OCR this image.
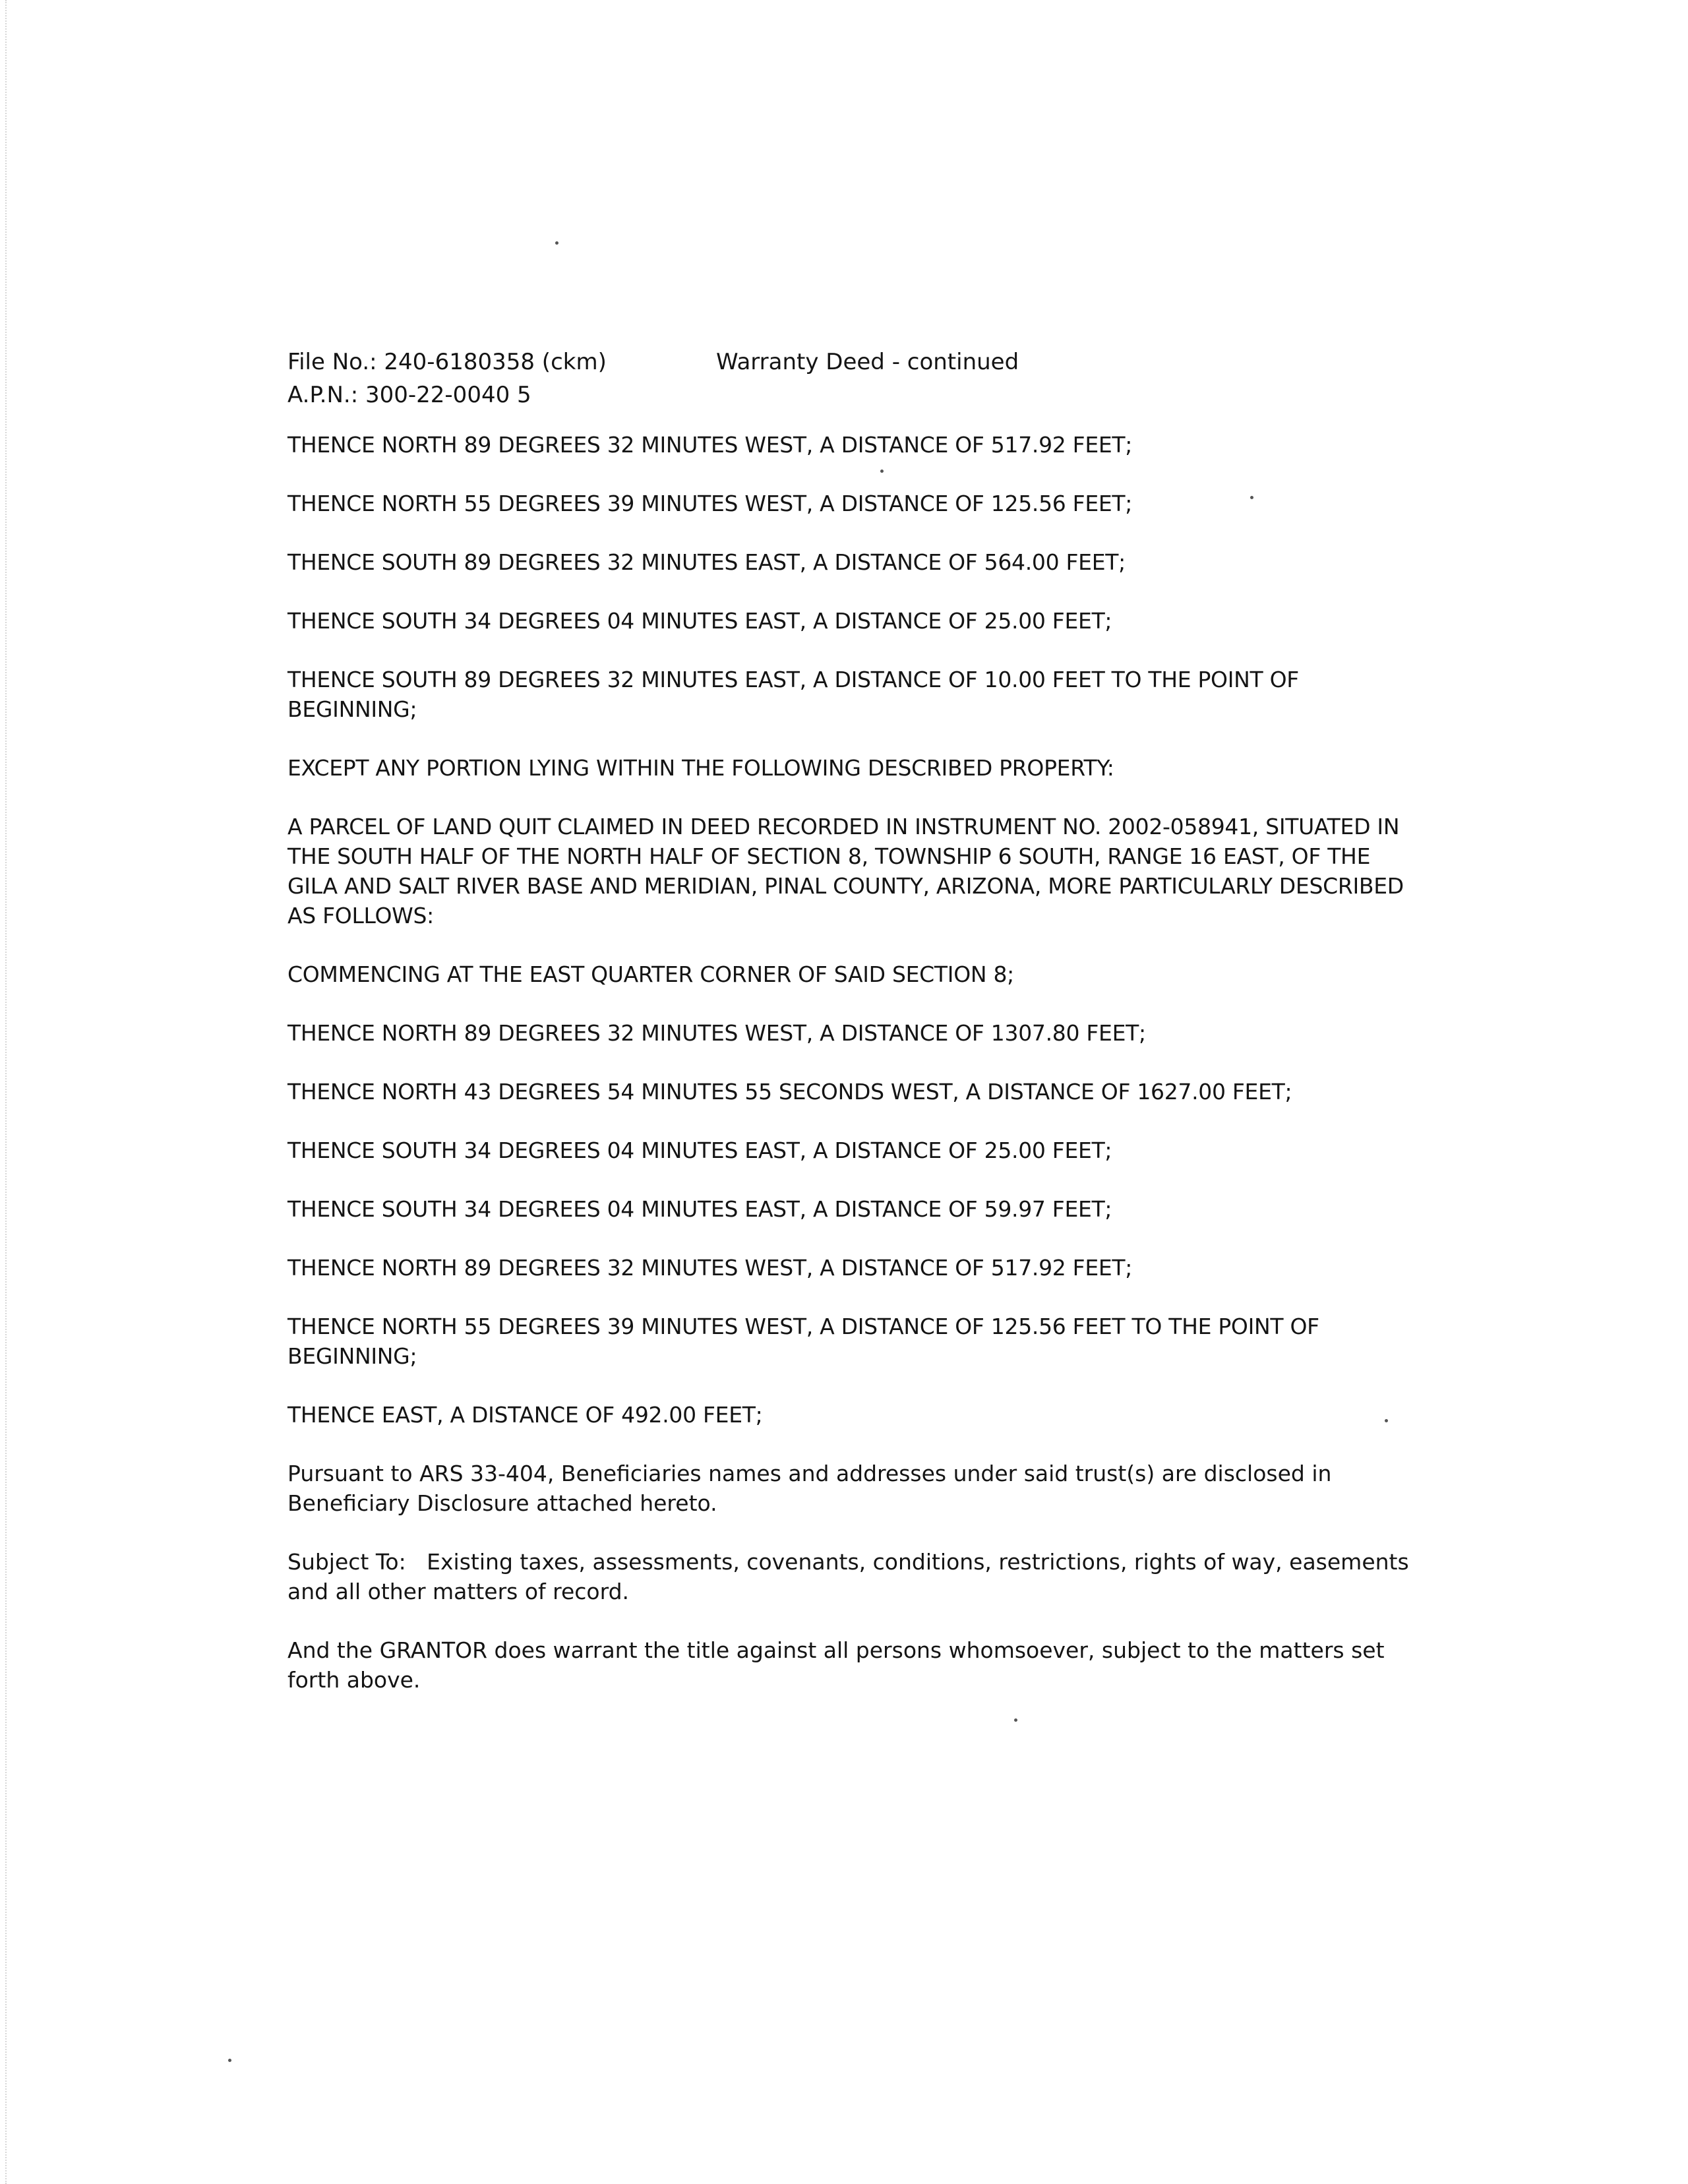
File No.: 240-6180358 (ckm)
A.P.N.: 300-22-0040 5
Warranty Deed - continued

THENCE NORTH 89 DEGREES 32 MINUTES WEST, A DISTANCE OF 517.92 FEET;

THENCE NORTH 55 DEGREES 39 MINUTES WEST, A DISTANCE OF 125.56 FEET;

THENCE SOUTH 89 DEGREES 32 MINUTES EAST, A DISTANCE OF 564.00 FEET;

THENCE SOUTH 34 DEGREES 04 MINUTES EAST, A DISTANCE OF 25.00 FEET;

THENCE SOUTH 89 DEGREES 32 MINUTES EAST, A DISTANCE OF 10.00 FEET TO THE POINT OF BEGINNING;

EXCEPT ANY PORTION LYING WITHIN THE FOLLOWING DESCRIBED PROPERTY:

A PARCEL OF LAND QUIT CLAIMED IN DEED RECORDED IN INSTRUMENT NO. 2002-058941, SITUATED IN THE SOUTH HALF OF THE NORTH HALF OF SECTION 8, TOWNSHIP 6 SOUTH, RANGE 16 EAST, OF THE GILA AND SALT RIVER BASE AND MERIDIAN, PINAL COUNTY, ARIZONA, MORE PARTICULARLY DESCRIBED AS FOLLOWS:

COMMENCING AT THE EAST QUARTER CORNER OF SAID SECTION 8;

THENCE NORTH 89 DEGREES 32 MINUTES WEST, A DISTANCE OF 1307.80 FEET;

THENCE NORTH 43 DEGREES 54 MINUTES 55 SECONDS WEST, A DISTANCE OF 1627.00 FEET;

THENCE SOUTH 34 DEGREES 04 MINUTES EAST, A DISTANCE OF 25.00 FEET;

THENCE SOUTH 34 DEGREES 04 MINUTES EAST, A DISTANCE OF 59.97 FEET;

THENCE NORTH 89 DEGREES 32 MINUTES WEST, A DISTANCE OF 517.92 FEET;

THENCE NORTH 55 DEGREES 39 MINUTES WEST, A DISTANCE OF 125.56 FEET TO THE POINT OF BEGINNING;

THENCE EAST, A DISTANCE OF 492.00 FEET;

Pursuant to ARS 33-404, Beneficiaries names and addresses under said trust(s) are disclosed in Beneficiary Disclosure attached hereto.

Subject To:   Existing taxes, assessments, covenants, conditions, restrictions, rights of way, easements and all other matters of record.

And the GRANTOR does warrant the title against all persons whomsoever, subject to the matters set forth above.
